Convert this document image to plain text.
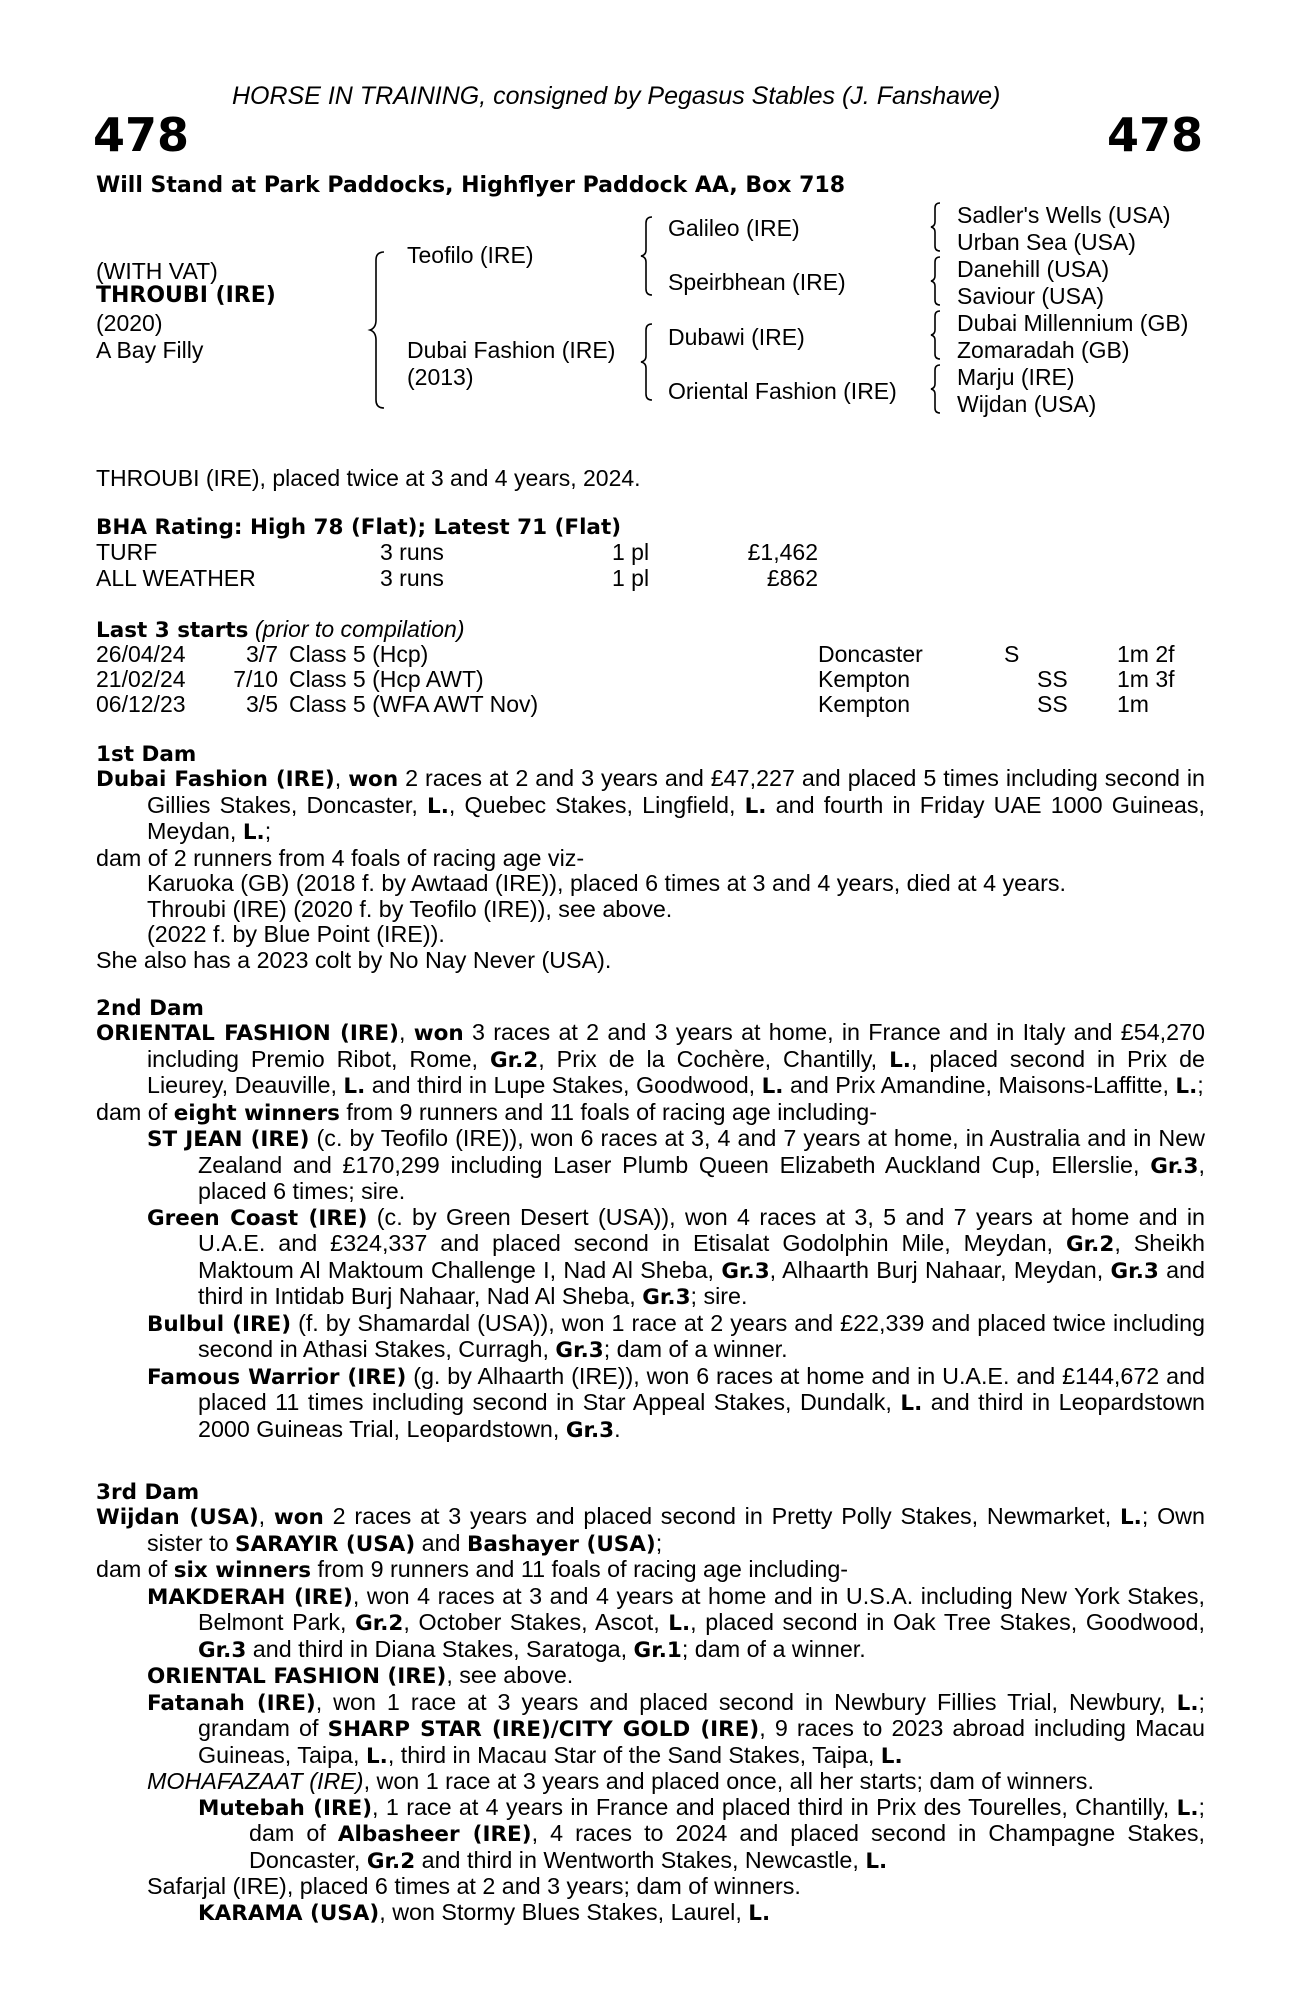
HORSE IN TRAINING, consigned by Pegasus Stables (J. Fanshawe)
478	478
Will Stand at Park Paddocks, Highflyer Paddock AA, Box 718
(WITH VAT)
THROUBI (IRE)
(2020)
A Bay Filly
Teofilo (IRE)
Dubai Fashion (IRE)
(2013)
Galileo (IRE)
Speirbhean (IRE)
Dubawi (IRE)
Oriental Fashion (IRE)
Sadler's Wells (USA)
Urban Sea (USA)
Danehill (USA)
Saviour (USA)
Dubai Millennium (GB)
Zomaradah (GB)
Marju (IRE)
Wijdan (USA)
THROUBI (IRE), placed twice at 3 and 4 years, 2024.
BHA Rating: High 78 (Flat); Latest 71 (Flat)
TURF	3 runs	1 pl	£1,462
ALL WEATHER	3 runs	1 pl	£862
Last 3 starts (prior to compilation)
26/04/24	3/7 Class 5 (Hcp)	Doncaster	S	1m 2f
21/02/24	7/10 Class 5 (Hcp AWT)	Kempton	SS 1m 3f
06/12/23	3/5 Class 5 (WFA AWT Nov)	Kempton	SS 1m
1st Dam

Dubai Fashion (IRE), won 2 races at 2 and 3 years and £47,227 and placed 5 times including second in Gillies Stakes, Doncaster, L., Quebec Stakes, Lingfield, L. and fourth in Friday UAE 1000 Guineas, Meydan, L.;

dam of 2 runners from 4 foals of racing age viz-

Karuoka (GB) (2018 f. by Awtaad (IRE)), placed 6 times at 3 and 4 years, died at 4 years.

Throubi (IRE) (2020 f. by Teofilo (IRE)), see above.

(2022 f. by Blue Point (IRE)).

She also has a 2023 colt by No Nay Never (USA).

2nd Dam

ORIENTAL FASHION (IRE), won 3 races at 2 and 3 years at home, in France and in Italy and £54,270 including Premio Ribot, Rome, Gr.2, Prix de la Cochère, Chantilly, L., placed second in Prix de Lieurey, Deauville, L. and third in Lupe Stakes, Goodwood, L. and Prix Amandine, Maisons-Laffitte, L.;

dam of eight winners from 9 runners and 11 foals of racing age including-

ST JEAN (IRE) (c. by Teofilo (IRE)), won 6 races at 3, 4 and 7 years at home, in Australia and in New Zealand and £170,299 including Laser Plumb Queen Elizabeth Auckland Cup, Ellerslie, Gr.3, placed 6 times; sire.

Green Coast (IRE) (c. by Green Desert (USA)), won 4 races at 3, 5 and 7 years at home and in U.A.E. and £324,337 and placed second in Etisalat Godolphin Mile, Meydan, Gr.2, Sheikh Maktoum Al Maktoum Challenge I, Nad Al Sheba, Gr.3, Alhaarth Burj Nahaar, Meydan, Gr.3 and third in Intidab Burj Nahaar, Nad Al Sheba, Gr.3; sire.

Bulbul (IRE) (f. by Shamardal (USA)), won 1 race at 2 years and £22,339 and placed twice including second in Athasi Stakes, Curragh, Gr.3; dam of a winner.

Famous Warrior (IRE) (g. by Alhaarth (IRE)), won 6 races at home and in U.A.E. and £144,672 and placed 11 times including second in Star Appeal Stakes, Dundalk, L. and third in Leopardstown 2000 Guineas Trial, Leopardstown, Gr.3.

3rd Dam

Wijdan (USA), won 2 races at 3 years and placed second in Pretty Polly Stakes, Newmarket, L.; Own sister to SARAYIR (USA) and Bashayer (USA);

dam of six winners from 9 runners and 11 foals of racing age including-

MAKDERAH (IRE), won 4 races at 3 and 4 years at home and in U.S.A. including New York Stakes, Belmont Park, Gr.2, October Stakes, Ascot, L., placed second in Oak Tree Stakes, Goodwood, Gr.3 and third in Diana Stakes, Saratoga, Gr.1; dam of a winner.

ORIENTAL FASHION (IRE), see above.

Fatanah (IRE), won 1 race at 3 years and placed second in Newbury Fillies Trial, Newbury, L.; grandam of SHARP STAR (IRE)/CITY GOLD (IRE), 9 races to 2023 abroad including Macau Guineas, Taipa, L., third in Macau Star of the Sand Stakes, Taipa, L.

MOHAFAZAAT (IRE), won 1 race at 3 years and placed once, all her starts; dam of winners.

Mutebah (IRE), 1 race at 4 years in France and placed third in Prix des Tourelles, Chantilly, L.; dam of Albasheer (IRE), 4 races to 2024 and placed second in Champagne Stakes, Doncaster, Gr.2 and third in Wentworth Stakes, Newcastle, L.

Safarjal (IRE), placed 6 times at 2 and 3 years; dam of winners.

KARAMA (USA), won Stormy Blues Stakes, Laurel, L.
